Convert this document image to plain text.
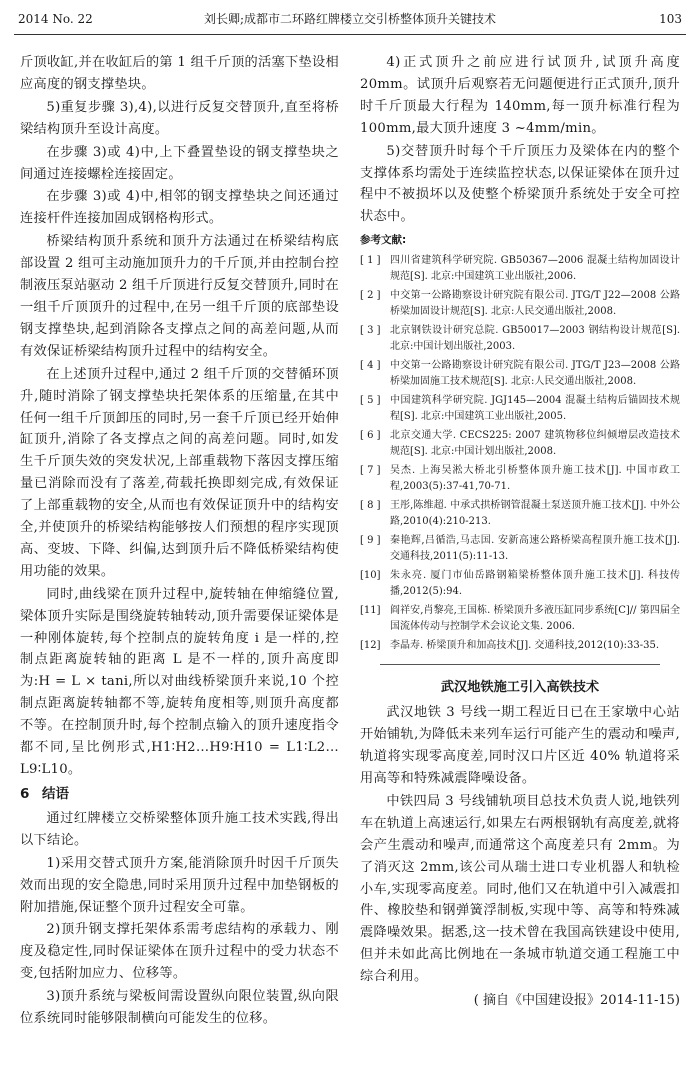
2014 No. 22	刘长卿;成都市二环路红牌楼立交引桥整体顶升关键技术	103

斤顶收缸,并在收缸后的第 1 组千斤顶的活塞下垫设相应高度的钢支撑垫块。

5)重复步骤 3),4),以进行反复交替顶升,直至将桥梁结构顶升至设计高度。

在步骤 3)或 4)中,上下叠置垫设的钢支撑垫块之间通过连接螺栓连接固定。

在步骤 3)或 4)中,相邻的钢支撑垫块之间还通过连接杆件连接加固成钢格构形式。

桥梁结构顶升系统和顶升方法通过在桥梁结构底部设置 2 组可主动施加顶升力的千斤顶,并由控制台控制液压泵站驱动 2 组千斤顶进行反复交替顶升,同时在一组千斤顶顶升的过程中,在另一组千斤顶的底部垫设钢支撑垫块,起到消除各支撑点之间的高差问题,从而有效保证桥梁结构顶升过程中的结构安全。

在上述顶升过程中,通过 2 组千斤顶的交替循环顶升,随时消除了钢支撑垫块托架体系的压缩量,在其中任何一组千斤顶卸压的同时,另一套千斤顶已经开始伸缸顶升,消除了各支撑点之间的高差问题。同时,如发生千斤顶失效的突发状况,上部重载物下落因支撑压缩量已消除而没有了落差,荷载托换即刻完成,有效保证了上部重载物的安全,从而也有效保证顶升中的结构安全,并使顶升的桥梁结构能够按人们预想的程序实现顶高、变坡、下降、纠偏,达到顶升后不降低桥梁结构使用功能的效果。

同时,曲线梁在顶升过程中,旋转轴在伸缩缝位置,梁体顶升实际是围绕旋转轴转动,顶升需要保证梁体是一种刚体旋转,每个控制点的旋转角度 i 是一样的,控制点距离旋转轴的距离 L 是不一样的,顶升高度即为:H = L × tani,所以对曲线桥梁顶升来说,10 个控制点距离旋转轴都不等,旋转角度相等,则顶升高度都不等。在控制顶升时,每个控制点输入的顶升速度指令都不同,呈比例形式,H1∶H2…H9∶H10 = L1∶L2…L9∶L10。

6 结语

通过红牌楼立交桥梁整体顶升施工技术实践,得出以下结论。

1)采用交替式顶升方案,能消除顶升时因千斤顶失效而出现的安全隐患,同时采用顶升过程中加垫钢板的附加措施,保证整个顶升过程安全可靠。

2)顶升钢支撑托架体系需考虑结构的承载力、刚度及稳定性,同时保证梁体在顶升过程中的受力状态不变,包括附加应力、位移等。

3)顶升系统与梁板间需设置纵向限位装置,纵向限位系统同时能够限制横向可能发生的位移。

4)正式顶升之前应进行试顶升,试顶升高度 20mm。试顶升后观察若无问题便进行正式顶升,顶升时千斤顶最大行程为 140mm,每一顶升标准行程为 100mm,最大顶升速度 3 ~4mm/min。

5)交替顶升时每个千斤顶压力及梁体在内的整个支撑体系均需处于连续监控状态,以保证梁体在顶升过程中不被损坏以及使整个桥梁顶升系统处于安全可控状态中。

参考文献:
[ 1 ] 四川省建筑科学研究院. GB50367—2006 混凝土结构加固设计规范[S]. 北京:中国建筑工业出版社,2006.
[ 2 ] 中交第一公路勘察设计研究院有限公司. JTG/T J22—2008 公路桥梁加固设计规范[S]. 北京:人民交通出版社,2008.
[ 3 ] 北京钢铁设计研究总院. GB50017—2003 钢结构设计规范[S]. 北京:中国计划出版社,2003.
[ 4 ] 中交第一公路勘察设计研究院有限公司. JTG/T J23—2008 公路桥梁加固施工技术规范[S]. 北京:人民交通出版社,2008.
[ 5 ] 中国建筑科学研究院. JGJ145—2004 混凝土结构后锚固技术规程[S]. 北京:中国建筑工业出版社,2005.
[ 6 ] 北京交通大学. CECS225: 2007 建筑物移位纠倾增层改造技术规范[S]. 北京:中国计划出版社,2008.
[ 7 ] 吴杰. 上海吴淞大桥北引桥整体顶升施工技术[J]. 中国市政工程,2003(5):37-41,70-71.
[ 8 ] 王彤,陈维超. 中承式拱桥钢管混凝土泵送顶升施工技术[J]. 中外公路,2010(4):210-213.
[ 9 ] 秦艳辉,吕循浩,马志国. 安新高速公路桥梁高程顶升施工技术[J]. 交通科技,2011(5):11-13.
[10] 朱永亮. 厦门市仙岳路钢箱梁桥整体顶升施工技术[J]. 科技传播,2012(5):94.
[11] 阎祥安,肖黎亮,王国栋. 桥梁顶升多液压缸同步系统[C]// 第四届全国流体传动与控制学术会议论文集. 2006.
[12] 李晶寿. 桥梁顶升和加高技术[J]. 交通科技,2012(10):33-35.
武汉地铁施工引入高铁技术

武汉地铁 3 号线一期工程近日已在王家墩中心站开始铺轨,为降低未来列车运行可能产生的震动和噪声,轨道将实现零高度差,同时汉口片区近 40% 轨道将采用高等和特殊减震降噪设备。

中铁四局 3 号线铺轨项目总技术负责人说,地铁列车在轨道上高速运行,如果左右两根钢轨有高度差,就将会产生震动和噪声,而通常这个高度差只有 2mm。为了消灭这 2mm,该公司从瑞士进口专业机器人和轨检小车,实现零高度差。同时,他们又在轨道中引入减震扣件、橡胶垫和钢弹簧浮制板,实现中等、高等和特殊减震降噪效果。据悉,这一技术曾在我国高铁建设中使用,但并未如此高比例地在一条城市轨道交通工程施工中综合利用。

( 摘自《中国建设报》2014-11-15)
